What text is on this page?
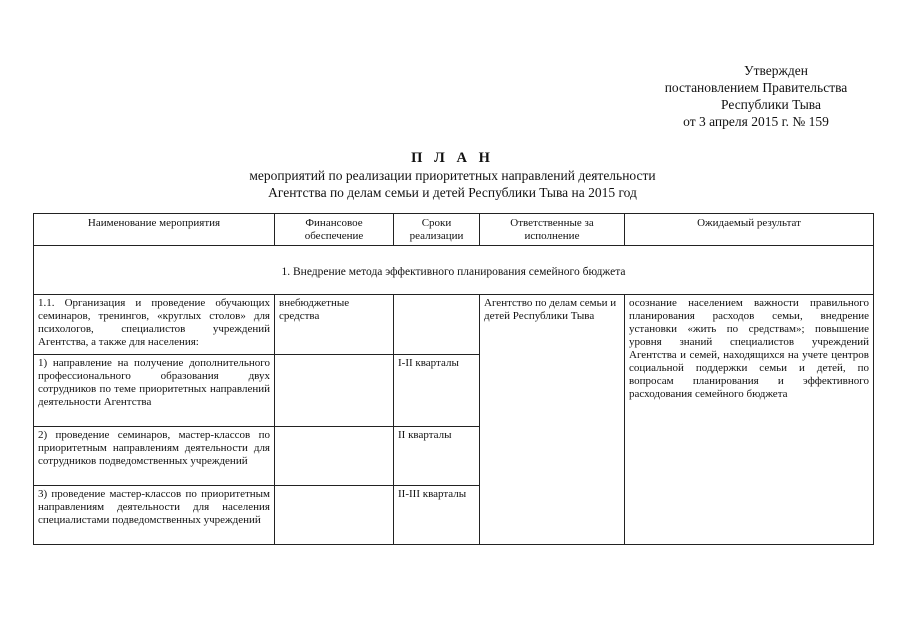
Утвержден
постановлением Правительства
Республики Тыва
от 3 апреля 2015 г. № 159
П Л А Н
мероприятий по реализации приоритетных направлений деятельности
Агентства по делам семьи и детей Республики Тыва на 2015 год
Наименование мероприятия	Финансовое обеспечение	Сроки реализации	Ответственные за исполнение	Ожидаемый результат
1. Внедрение метода эффективного планирования семейного бюджета				
1.1. Организация и проведение обучающих семинаров, тренингов, «круглых столов» для психологов, специалистов учреждений Агентства, а также для населения:	внебюджетные средства		Агентство по делам семьи и детей Республики Тыва	осознание населением важности правильного планирования расходов семьи, внедрение установки «жить по средствам»; повышение уровня знаний специалистов учреждений Агентства и семей, находящихся на учете центров социальной поддержки семьи и детей, по вопросам планирования и эффективного расходования семейного бюджета
1) направление на получение дополнительного профессионального образования двух сотрудников по теме приоритетных направлений деятельности Агентства		I-II кварталы		
2) проведение семинаров, мастер-классов по приоритетным направлениям деятельности для сотрудников подведомственных учреждений		II кварталы		
3) проведение мастер-классов по приоритетным направлениям деятельности для населения специалистами подведомственных учреждений		II-III кварталы		
